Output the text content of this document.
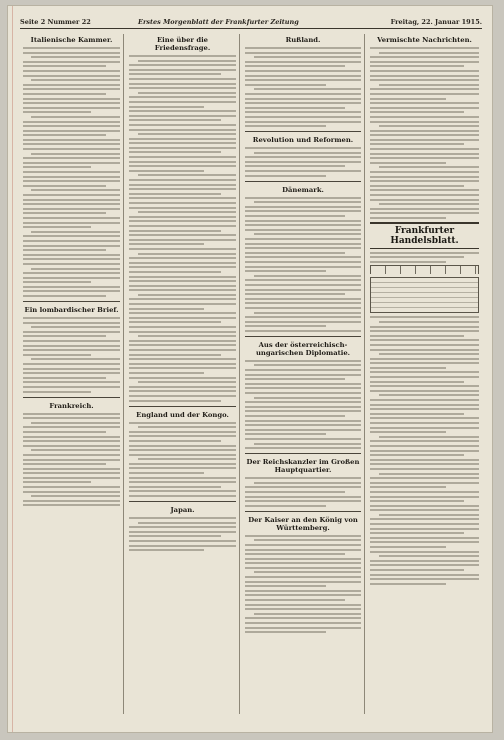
Seite 2 Nummer 22	Erstes Morgenblatt der Frankfurter Zeitung	Freitag, 22. Januar 1915.
Italienische Kammer.
Ein lombardischer Brief.
Frankreich.
Eine über die Friedensfrage.
England und der Kongo.
Japan.
Rußland.
Revolution und Reformen.
Dänemark.
Aus der österreichisch-ungarischen Diplomatie.
Der Reichskanzler im Großen Hauptquartier.
Der Kaiser an den König von Württemberg.
Vermischte Nachrichten.
Frankfurter Handelsblatt.
